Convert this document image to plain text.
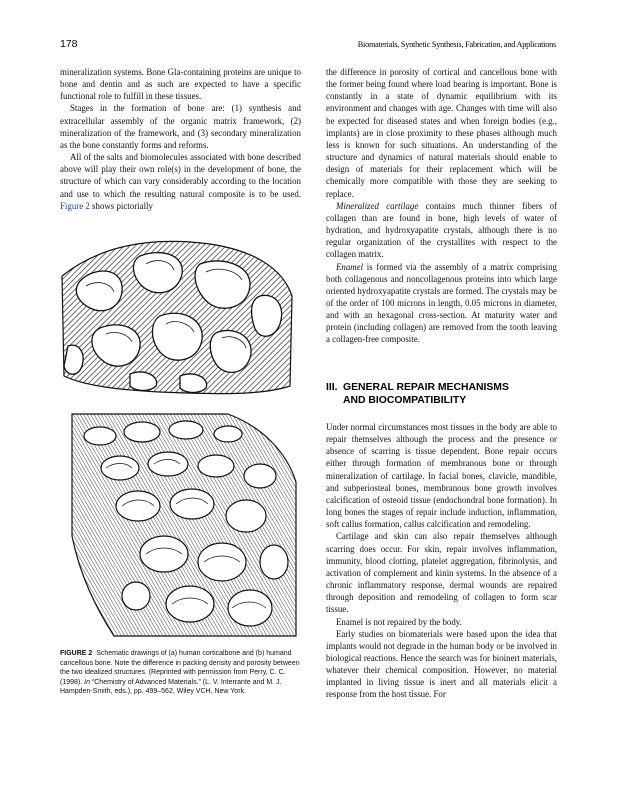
178	Biomaterials, Synthetic Synthesis, Fabrication, and Applications

mineralization systems. Bone Gla-containing proteins are unique to bone and dentin and as such are expected to have a specific functional role to fulfill in these tissues.

Stages in the formation of bone are: (1) synthesis and extracellular assembly of the organic matrix framework, (2) mineralization of the framework, and (3) secondary mineralization as the bone constantly forms and reforms.

All of the salts and biomolecules associated with bone described above will play their own role(s) in the development of bone, the structure of which can vary considerably according to the location and use to which the resulting natural composite is to be used. Figure 2 shows pictorially

FIGURE 2 Schematic drawings of (a) human corticalbone and (b) humand cancellous bone. Note the difference in packing density and porosity between the two idealized structures. (Reprinted with permission from Perry, C. C. (1998). In “Chemistry of Advanced Materials.” (L. V. Interrante and M. J. Hampden-Smith, eds.), pp. 499–562, Wiley VCH, New York.

the difference in porosity of cortical and cancellous bone with the former being found where load bearing is important. Bone is constantly in a state of dynamic equilibrium with its environment and changes with age. Changes with time will also be expected for diseased states and when foreign bodies (e.g., implants) are in close proximity to these phases although much less is known for such situations. An understanding of the structure and dynamics of natural materials should enable to design of materials for their replacement which will be chemically more compatible with those they are seeking to replace.

Mineralized cartilage contains much thinner fibers of collagen than are found in bone, high levels of water of hydration, and hydroxyapatite crystals, although there is no regular organization of the crystallites with respect to the collagen matrix.

Enamel is formed via the assembly of a matrix comprising both collagenous and noncollagenous proteins into which large oriented hydroxyapatite crystals are formed. The crystals may be of the order of 100 microns in length, 0.05 microns in diameter, and with an hexagonal cross-section. At maturity water and protein (including collagen) are removed from the tooth leaving a collagen-free composite.

III. GENERAL REPAIR MECHANISMS
AND BIOCOMPATIBILITY

Under normal circumstances most tissues in the body are able to repair themselves although the process and the presence or absence of scarring is tissue dependent. Bone repair occurs either through formation of membranous bone or through mineralization of cartilage. In facial bones, clavicle, mandible, and subperiosteal bones, membranous bone growth involves calcification of osteoid tissue (endochondral bone formation). In long bones the stages of repair include induction, inflammation, soft callus formation, callus calcification and remodeling.

Cartilage and skin can also repair themselves although scarring does occur. For skin, repair involves inflammation, immunity, blood clotting, platelet aggregation, fibrinolysis, and activation of complement and kinin systems. In the absence of a chronic inflammatory response, dermal wounds are repaired through deposition and remodeling of collagen to form scar tissue.

Enamel is not repaired by the body.

Early studies on biomaterials were based upon the idea that implants would not degrade in the human body or be involved in biological reactions. Hence the search was for bioinert materials, whatever their chemical composition. However, no material implanted in living tissue is inert and all materials elicit a response from the host tissue. For
